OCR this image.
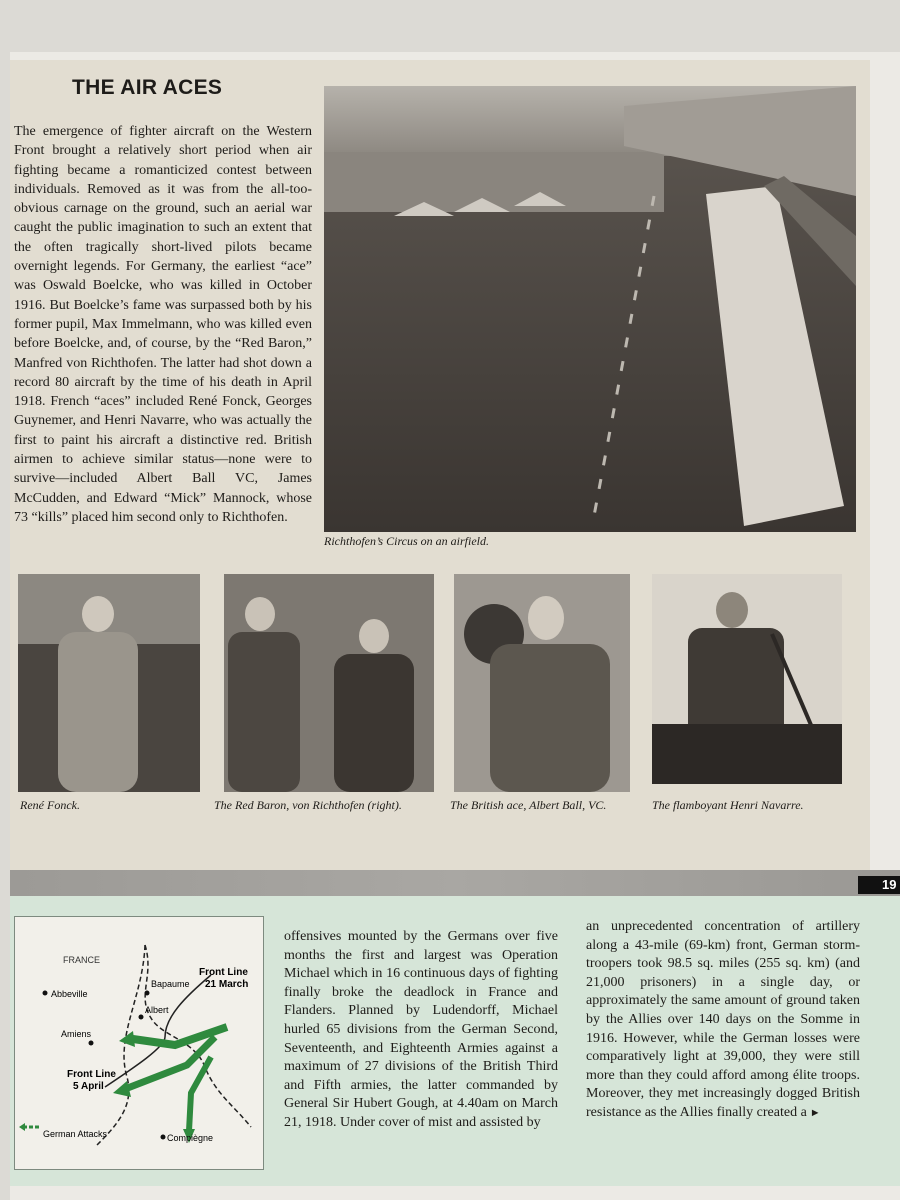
THE AIR ACES

The emergence of fighter aircraft on the Western Front brought a relatively short period when air fighting became a romanticized contest between individuals. Removed as it was from the all-too-obvious carnage on the ground, such an aerial war caught the public imagination to such an extent that the often tragically short-lived pilots became overnight legends. For Germany, the earliest “ace” was Oswald Boelcke, who was killed in October 1916. But Boelcke’s fame was surpassed both by his former pupil, Max Immelmann, who was killed even before Boelcke, and, of course, by the “Red Baron,” Manfred von Richthofen. The latter had shot down a record 80 aircraft by the time of his death in April 1918. French “aces” included René Fonck, Georges Guynemer, and Henri Navarre, who was actually the first to paint his aircraft a distinctive red. British airmen to achieve similar status—none were to survive—included Albert Ball VC, James McCudden, and Edward “Mick” Mannock, whose 73 “kills” placed him second only to Richthofen.

Richthofen’s Circus on an airfield.

René Fonck.	The Red Baron, von Richthofen (right).	The British ace, Albert Ball, VC.	The flamboyant Henri Navarre.

19
FRANCE
Front Line
21 March
Front Line
5 April
Abbeville
Bapaume
Albert
Amiens
Compiègne
German Attacks

offensives mounted by the Germans over five months the first and largest was Operation Michael which in 16 continuous days of fighting finally broke the deadlock in France and Flanders. Planned by Ludendorff, Michael hurled 65 divisions from the German Second, Seventeenth, and Eighteenth Armies against a maximum of 27 divisions of the British Third and Fifth armies, the latter commanded by General Sir Hubert Gough, at 4.40am on March 21, 1918. Under cover of mist and assisted by

an unprecedented concentration of artillery along a 43-mile (69-km) front, German storm-troopers took 98.5 sq. miles (255 sq. km) (and 21,000 prisoners) in a single day, or approximately the same amount of ground taken by the Allies over 140 days on the Somme in 1916. However, while the German losses were comparatively light at 39,000, they were still more than they could afford among élite troops. Moreover, they met increasingly dogged British resistance as the Allies finally created a ►
